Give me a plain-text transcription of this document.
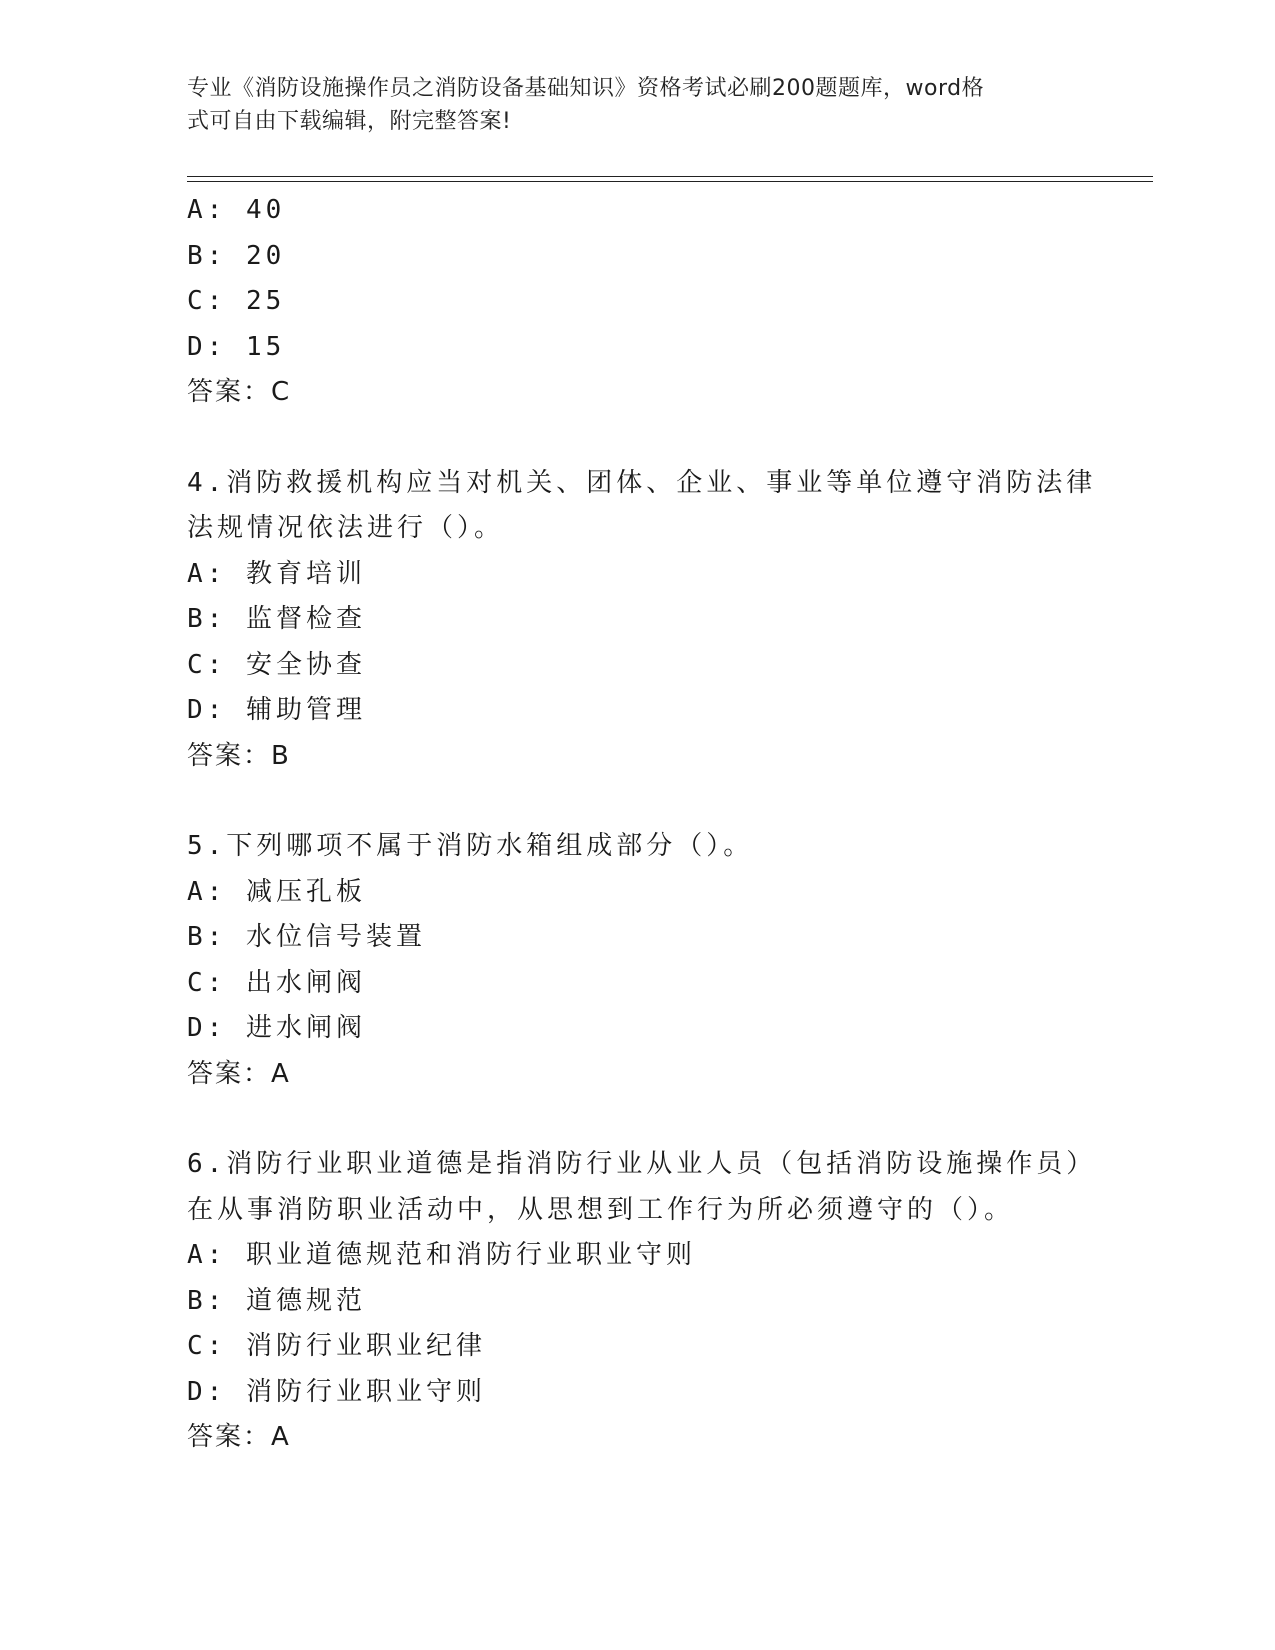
专业《消防设施操作员之消防设备基础知识》资格考试必刷200题题库，word格
式可自由下载编辑，附完整答案!
A: 40
B: 20
C: 25
D: 15
答案：C
4.消防救援机构应当对机关、团体、企业、事业等单位遵守消防法律
法规情况依法进行（）。
A: 教育培训
B: 监督检查
C: 安全协查
D: 辅助管理
答案：B
5.下列哪项不属于消防水箱组成部分（）。
A: 减压孔板
B: 水位信号装置
C: 出水闸阀
D: 进水闸阀
答案：A
6.消防行业职业道德是指消防行业从业人员（包括消防设施操作员）
在从事消防职业活动中，从思想到工作行为所必须遵守的（）。
A: 职业道德规范和消防行业职业守则
B: 道德规范
C: 消防行业职业纪律
D: 消防行业职业守则
答案：A
